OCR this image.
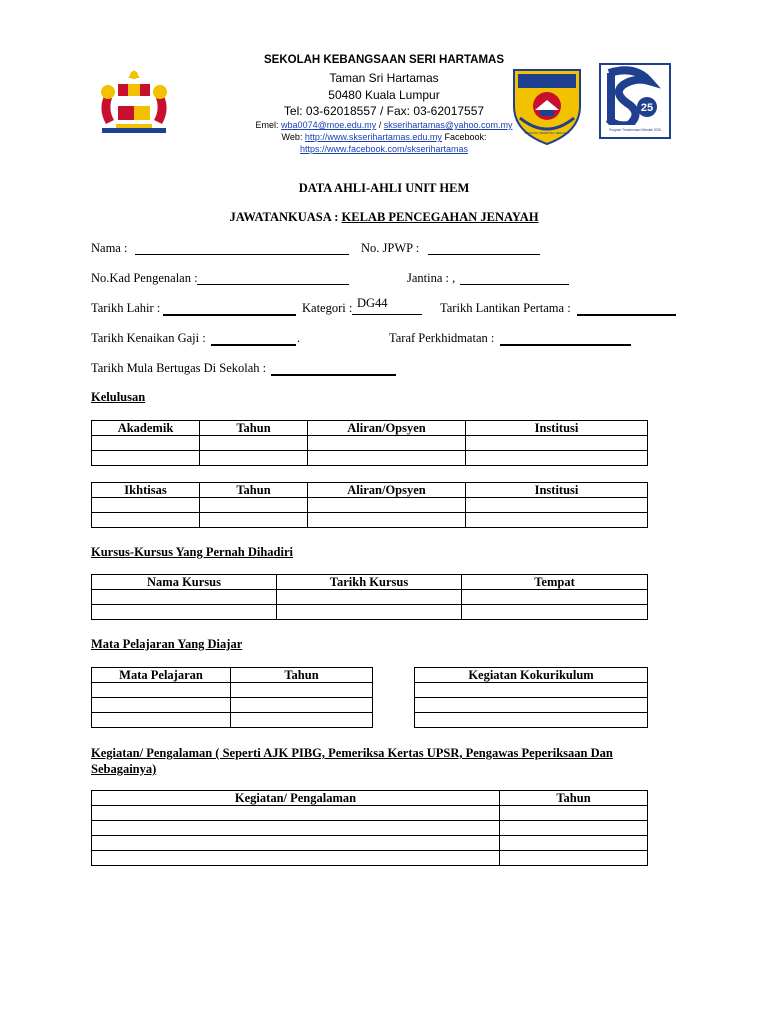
BERILMU, BERETIKA, BERJAYA
25
Program Transformasi Sekolah 2025
SEKOLAH KEBANGSAAN SERI HARTAMAS
Taman Sri Hartamas
50480 Kuala Lumpur
Tel: 03-62018557 / Fax: 03-62017557
Emel: wba0074@moe.edu.my / skserihartamas@yahoo.com.my
Web: http://www.skserihartamas.edu.my Facebook:
https://www.facebook.com/skserihartamas
DATA AHLI-AHLI UNIT HEM
JAWATANKUASA : KELAB PENCEGAHAN JENAYAH
Nama :	No. JPWP :
No.Kad Pengenalan :	Jantina : ,
Tarikh Lahir :	Kategori : DG44	Tarikh Lantikan Pertama :
Tarikh Kenaikan Gaji :	.	Taraf Perkhidmatan :
Tarikh Mula Bertugas Di Sekolah :
Kelulusan
Akademik	Tahun	Aliran/Opsyen	Institusi

Ikhtisas	Tahun	Aliran/Opsyen	Institusi

Kursus-Kursus Yang Pernah Dihadiri
Nama Kursus	Tarikh Kursus	Tempat

Mata Pelajaran Yang Diajar
Mata Pelajaran	Tahun

		Kegiatan Kokurikulum

Kegiatan/ Pengalaman ( Seperti AJK PIBG, Pemeriksa Kertas UPSR, Pengawas Peperiksaan Dan
Sebagainya)
Kegiatan/ Pengalaman	Tahun
